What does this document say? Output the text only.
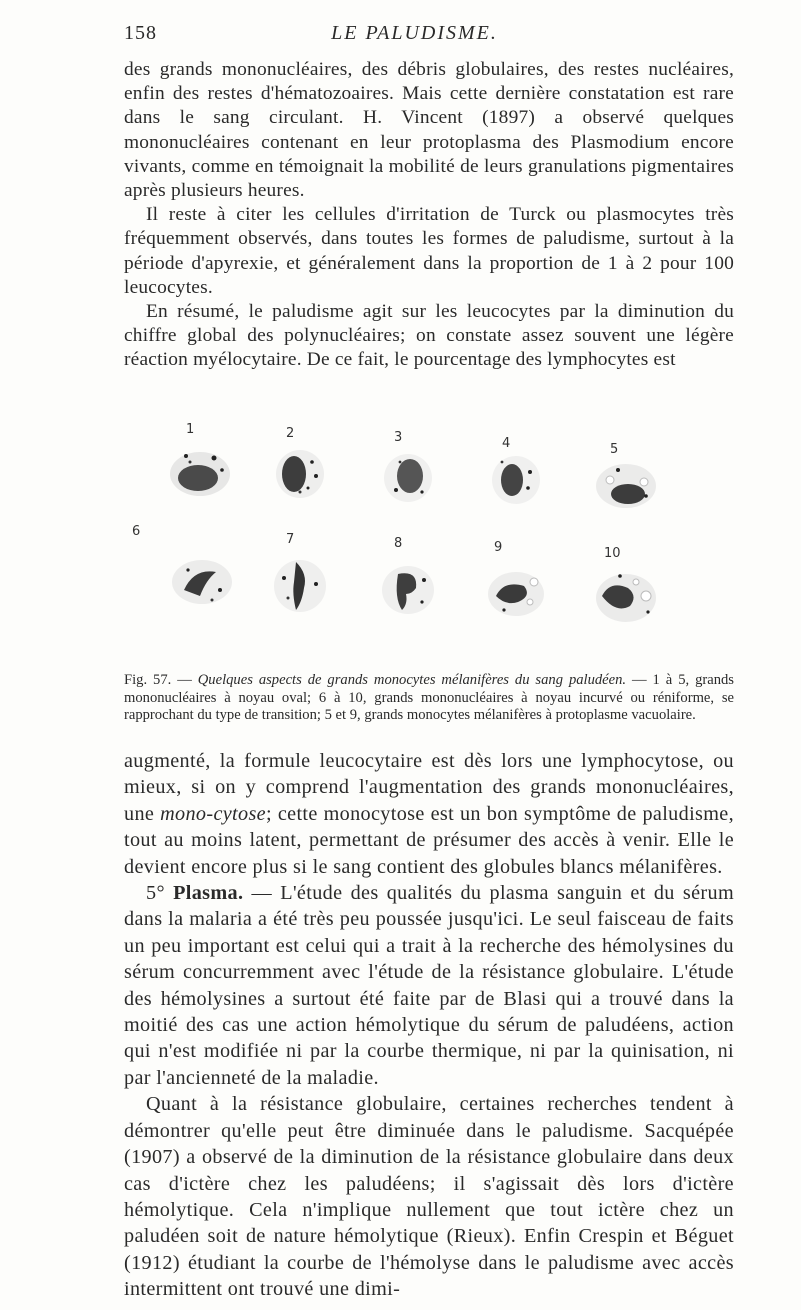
158	LE PALUDISME.

des grands mononucléaires, des débris globulaires, des restes nucléaires, enfin des restes d'hématozoaires. Mais cette dernière constatation est rare dans le sang circulant. H. Vincent (1897) a observé quelques mononucléaires contenant en leur protoplasma des Plasmodium encore vivants, comme en témoignait la mobilité de leurs granulations pigmentaires après plusieurs heures.

Il reste à citer les cellules d'irritation de Turck ou plasmocytes très fréquemment observés, dans toutes les formes de paludisme, surtout à la période d'apyrexie, et généralement dans la proportion de 1 à 2 pour 100 leucocytes.

En résumé, le paludisme agit sur les leucocytes par la diminution du chiffre global des polynucléaires; on constate assez souvent une légère réaction myélocytaire. De ce fait, le pourcentage des lymphocytes est

1	2	3	4	5
6
7	8	9	10
Fig. 57. — Quelques aspects de grands monocytes mélanifères du sang paludéen. — 1 à 5, grands mononucléaires à noyau oval; 6 à 10, grands mononucléaires à noyau incurvé ou réniforme, se rapprochant du type de transition; 5 et 9, grands monocytes mélanifères à protoplasme vacuolaire.

augmenté, la formule leucocytaire est dès lors une lymphocytose, ou mieux, si on y comprend l'augmentation des grands mononucléaires, une mono-cytose; cette monocytose est un bon symptôme de paludisme, tout au moins latent, permettant de présumer des accès à venir. Elle le devient encore plus si le sang contient des globules blancs mélanifères.

5° Plasma. — L'étude des qualités du plasma sanguin et du sérum dans la malaria a été très peu poussée jusqu'ici. Le seul faisceau de faits un peu important est celui qui a trait à la recherche des hémolysines du sérum concurremment avec l'étude de la résistance globulaire. L'étude des hémolysines a surtout été faite par de Blasi qui a trouvé dans la moitié des cas une action hémolytique du sérum de paludéens, action qui n'est modifiée ni par la courbe thermique, ni par la quinisation, ni par l'ancienneté de la maladie.

Quant à la résistance globulaire, certaines recherches tendent à démontrer qu'elle peut être diminuée dans le paludisme. Sacquépée (1907) a observé de la diminution de la résistance globulaire dans deux cas d'ictère chez les paludéens; il s'agissait dès lors d'ictère hémolytique. Cela n'implique nullement que tout ictère chez un paludéen soit de nature hémolytique (Rieux). Enfin Crespin et Béguet (1912) étudiant la courbe de l'hémolyse dans le paludisme avec accès intermittent ont trouvé une dimi-
